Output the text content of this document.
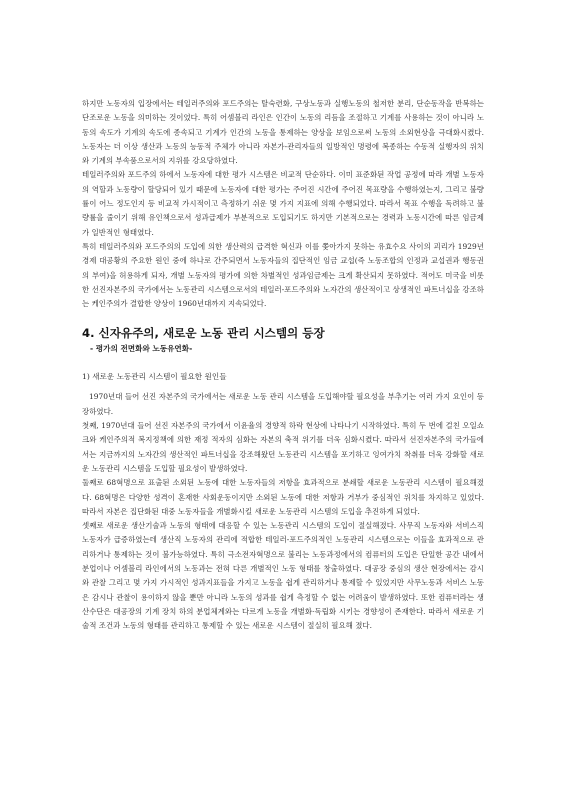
하지만 노동자의 입장에서는 테일러주의와 포드주의는 탈숙련화, 구상노동과 실행노동의 철저한 분리, 단순동작을 반복하는 단조로운 노동을 의미하는 것이었다. 특히 어셈블리 라인은 인간이 노동의 리듬을 조절하고 기계를 사용하는 것이 아니라 노동의 속도가 기계의 속도에 종속되고 기계가 인간의 노동을 통제하는 양상을 보임으로써 노동의 소외현상을 극대화시켰다. 노동자는 더 이상 생산과 노동의 능동적 주체가 아니라 자본가-관리자들의 일방적인 명령에 복종하는 수동적 실행자의 위치와 기계의 부속품으로서의 지위를 강요당하였다.

테일러주의와 포드주의 하에서 노동자에 대한 평가 시스템은 비교적 단순하다. 이미 표준화된 작업 공정에 따라 개별 노동자의 역할과 노동량이 할당되어 있기 때문에 노동자에 대한 평가는 주어진 시간에 주어진 목표량을 수행하였는지, 그리고 불량률이 어느 정도인지 등 비교적 가시적이고 측정하기 쉬운 몇 가지 지표에 의해 수행되었다. 따라서 목표 수행을 독려하고 불량률을 줄이기 위해 유인책으로서 성과급제가 부분적으로 도입되기도 하지만 기본적으로는 경력과 노동시간에 따른 임금제가 일반적인 형태였다.

특히 테일러주의와 포드주의의 도입에 의한 생산력의 급격한 혁신과 이를 쫓아가지 못하는 유효수요 사이의 괴리가 1929년 경제 대공황의 주요한 원인 중에 하나로 간주되면서 노동자들의 집단적인 임금 교섭(즉 노동조합의 인정과 교섭권과 행동권의 부여)을 허용하게 되자, 개별 노동자의 평가에 의한 차별적인 성과임금제는 크게 확산되지 못하였다. 적어도 미국을 비롯한 선진자본주의 국가에서는 노동관리 시스템으로서의 테일러-포드주의와 노자간의 생산적이고 상생적인 파트너십을 강조하는 케인주의가 결합한 양상이 1960년대까지 지속되었다.

4. 신자유주의, 새로운 노동 관리 시스템의 등장

- 평가의 전면화와 노동유연화-

1) 새로운 노동관리 시스템이 필요한 원인들

1970년대 들어 선진 자본주의 국가에서는 새로운 노동 관리 시스템을 도입해야할 필요성을 부추기는 여러 가지 요인이 등장하였다.

첫째, 1970년대 들어 선진 자본주의 국가에서 이윤율의 경향적 하락 현상에 나타나기 시작하였다. 특히 두 번에 걸친 오일쇼크와 케인주의적 복지정책에 의한 재정 적자의 심화는 자본의 축적 위기를 더욱 심화시켰다. 따라서 선진자본주의 국가들에서는 지금까지의 노자간의 생산적인 파트너십을 강조해왔던 노동관리 시스템을 포기하고 잉여가치 착취를 더욱 강화할 새로운 노동관리 시스템을 도입할 필요성이 발생하였다.

둘째로 68혁명으로 표출된 소외된 노동에 대한 노동자들의 저항을 효과적으로 분쇄할 새로운 노동관리 시스템이 필요해졌다. 68혁명은 다양한 성격이 혼재한 사회운동이지만 소외된 노동에 대한 저항과 거부가 중심적인 위치를 차지하고 있었다. 따라서 자본은 집단화된 대중 노동자들을 개별화시킬 새로운 노동관리 시스템의 도입을 추진하게 되었다.

셋째로 새로운 생산기술과 노동의 형태에 대응할 수 있는 노동관리 시스템의 도입이 절실해졌다. 사무직 노동자와 서비스직 노동자가 급증하였는데 생산직 노동자의 관리에 적합한 테일러-포드주의적인 노동관리 시스템으로는 이들을 효과적으로 관리하거나 통제하는 것이 불가능하였다. 특히 극소전자혁명으로 불리는 노동과정에서의 컴퓨터의 도입은 단일한 공간 내에서 분업이나 어셈블리 라인에서의 노동과는 전혀 다른 개별적인 노동 형태를 창출하였다. 대공장 중심의 생산 현장에서는 감시와 관찰 그리고 몇 가지 가시적인 성과지표들을 가지고 노동을 쉽게 관리하거나 통제할 수 있었지만 사무노동과 서비스 노동은 감시나 관찰이 용이하지 않을 뿐만 아니라 노동의 성과를 쉽게 측정할 수 없는 어려움이 발생하였다. 또한 컴퓨터라는 생산수단은 대공장의 기계 장치 하의 분업체계와는 다르게 노동을 개별화·독립화 시키는 경향성이 존재한다. 따라서 새로운 기술적 조건과 노동의 형태를 관리하고 통제할 수 있는 새로운 시스템이 절실히 필요해 졌다.
